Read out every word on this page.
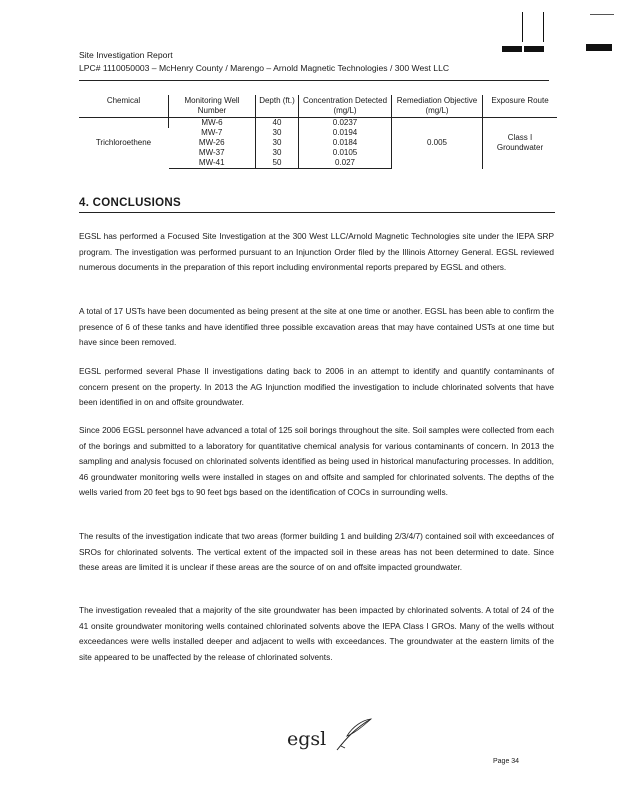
Site Investigation Report
LPC# 1110050003 – McHenry County / Marengo – Arnold Magnetic Technologies / 300 West LLC
Chemical	Monitoring Well Number	Depth (ft.)	Concentration Detected (mg/L)	Remediation Objective (mg/L)	Exposure Route
Trichloroethene	MW-6	40	0.0237	0.005	Class I Groundwater
	MW-7	30	0.0194		
	MW-26	30	0.0184		
	MW-37	30	0.0105		
	MW-41	50	0.027		
4. CONCLUSIONS

EGSL has performed a Focused Site Investigation at the 300 West LLC/Arnold Magnetic Technologies site under the IEPA SRP program. The investigation was performed pursuant to an Injunction Order filed by the Illinois Attorney General. EGSL reviewed numerous documents in the preparation of this report including environmental reports prepared by EGSL and others.

A total of 17 USTs have been documented as being present at the site at one time or another. EGSL has been able to confirm the presence of 6 of these tanks and have identified three possible excavation areas that may have contained USTs at one time but have since been removed.

EGSL performed several Phase II investigations dating back to 2006 in an attempt to identify and quantify contaminants of concern present on the property. In 2013 the AG Injunction modified the investigation to include chlorinated solvents that have been identified in on and offsite groundwater.

Since 2006 EGSL personnel have advanced a total of 125 soil borings throughout the site. Soil samples were collected from each of the borings and submitted to a laboratory for quantitative chemical analysis for various contaminants of concern. In 2013 the sampling and analysis focused on chlorinated solvents identified as being used in historical manufacturing processes. In addition, 46 groundwater monitoring wells were installed in stages on and offsite and sampled for chlorinated solvents. The depths of the wells varied from 20 feet bgs to 90 feet bgs based on the identification of COCs in surrounding wells.

The results of the investigation indicate that two areas (former building 1 and building 2/3/4/7) contained soil with exceedances of SROs for chlorinated solvents. The vertical extent of the impacted soil in these areas has not been determined to date. Since these areas are limited it is unclear if these areas are the source of on and offsite impacted groundwater.

The investigation revealed that a majority of the site groundwater has been impacted by chlorinated solvents. A total of 24 of the 41 onsite groundwater monitoring wells contained chlorinated solvents above the IEPA Class I GROs. Many of the wells without exceedances were wells installed deeper and adjacent to wells with exceedances. The groundwater at the eastern limits of the site appeared to be unaffected by the release of chlorinated solvents.

egsl
Page 34
